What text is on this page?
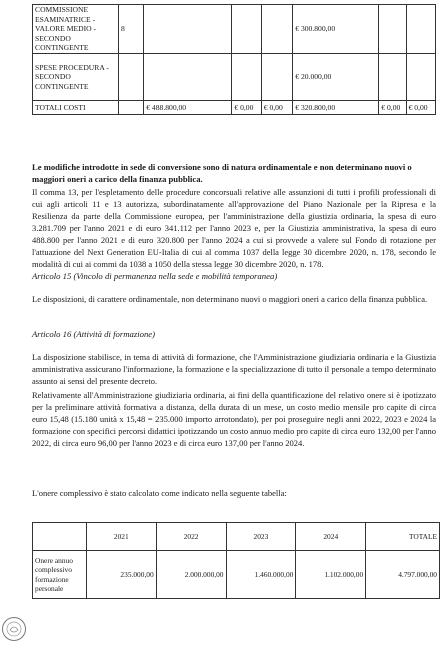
COMMISSIONE ESAMINATRICE - VALORE MEDIO - SECONDO CONTINGENTE	8				€ 300.800,00		
SPESE PROCEDURA - SECONDO CONTINGENTE					€ 20.000,00		
TOTALI COSTI		€ 488.800,00	€ 0,00	€ 0,00	€ 320.800,00	€ 0,00	€ 0,00

Le modifiche introdotte in sede di conversione sono di natura ordinamentale e non determinano nuovi o maggiori oneri a carico della finanza pubblica.

Il comma 13, per l'espletamento delle procedure concorsuali relative alle assunzioni di tutti i profili professionali di cui agli articoli 11 e 13 autorizza, subordinatamente all'approvazione del Piano Nazionale per la Ripresa e la Resilienza da parte della Commissione europea, per l'amministrazione della giustizia ordinaria, la spesa di euro 3.281.709 per l'anno 2021 e di euro 341.112 per l'anno 2023 e, per la Giustizia amministrativa, la spesa di euro 488.800 per l'anno 2021 e di euro 320.800 per l'anno 2024 a cui si provvede a valere sul Fondo di rotazione per l'attuazione del Next Generation EU-Italia di cui al comma 1037 della legge 30 dicembre 2020, n. 178, secondo le modalità di cui ai commi da 1038 a 1050 della stessa legge 30 dicembre 2020, n. 178.

Articolo 15 (Vincolo di permanenza nella sede e mobilità temporanea)

Le disposizioni, di carattere ordinamentale, non determinano nuovi o maggiori oneri a carico della finanza pubblica.

Articolo 16 (Attività di formazione)

La disposizione stabilisce, in tema di attività di formazione, che l'Amministrazione giudiziaria ordinaria e la Giustizia amministrativa assicurano l'informazione, la formazione e la specializzazione di tutto il personale a tempo determinato assunto ai sensi del presente decreto.

Relativamente all'Amministrazione giudiziaria ordinaria, ai fini della quantificazione del relativo onere si è ipotizzato per la preliminare attività formativa a distanza, della durata di un mese, un costo medio mensile pro capite di circa euro 15,48 (15.180 unità x 15,48 = 235.000 importo arrotondato), per poi proseguire negli anni 2022, 2023 e 2024 la formazione con specifici percorsi didattici ipotizzando un costo annuo medio pro capite di circa euro 132,00 per l'anno 2022, di circa euro 96,00 per l'anno 2023 e di circa euro 137,00 per l'anno 2024.

L'onere complessivo è stato calcolato come indicato nella seguente tabella:

	2021	2022	2023	2024	TOTALE
Onere annuo complessivo formazione personale	235.000,00	2.000.000,00	1.460.000,00	1.102.000,00	4.797.000,00
